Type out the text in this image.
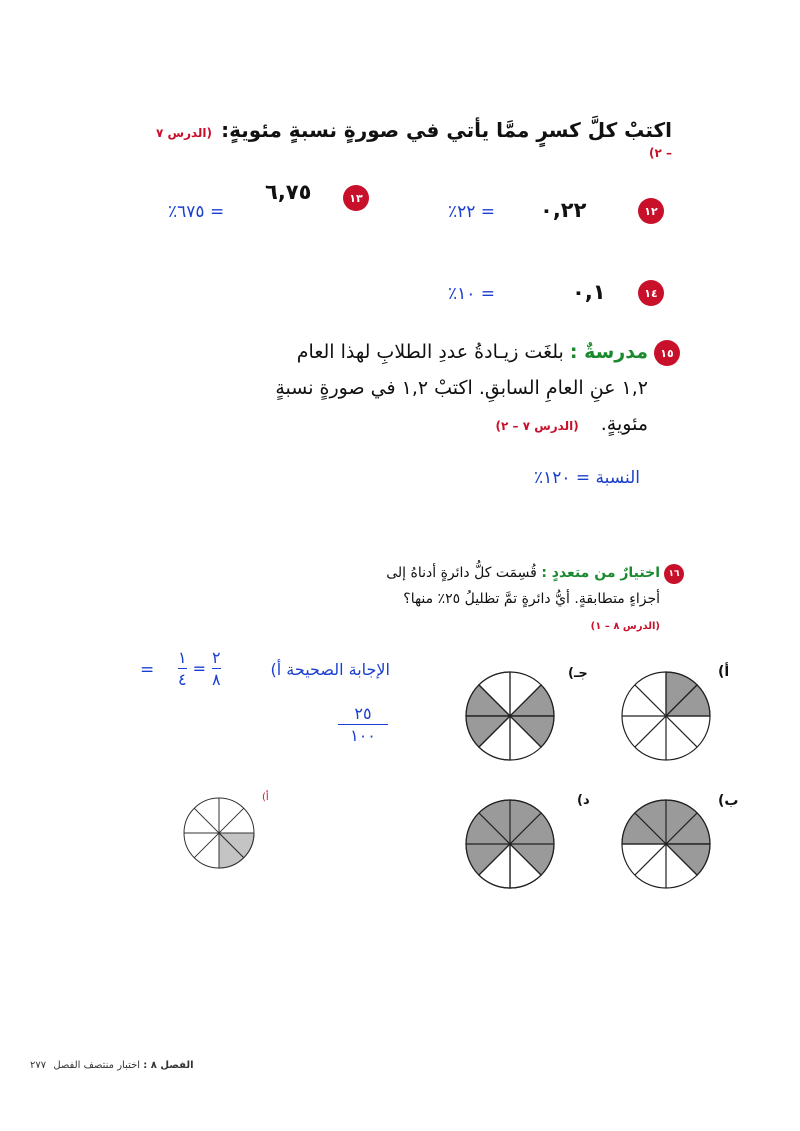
اكتبْ كلَّ كسرٍ ممَّا يأتي في صورةٍ نسبةٍ مئويةٍ: (الدرس ٧ – ٢)
١٢
٠,٢٢
= ٢٢٪
١٣
٦,٧٥
= ٦٧٥٪
١٤
٠,١
= ١٠٪
١٥
مدرسةٌ : بلغَت زيـادةُ عددِ الطلابِ لهذا العام
١,٢ عنِ العامِ السابقِ. اكتبْ ١,٢ في صورةٍ نسبةٍ
مئويةٍ. (الدرس ٧ – ٢)
النسبة = ١٢٠٪
١٦
اختيارٌ من متعددٍ : قُسِمَت كلُّ دائرةٍ أدناهُ إلى
أجزاءٍ متطابقةٍ. أيُّ دائرةٍ تمَّ تظليلُ ٢٥٪ منها؟
(الدرس ٨ – ١)
أ)
جـ)
ب)
د)
الإجابة الصحيحة أ)
$\frac{١}{٤} = \frac{٢}{٨}$
=
$\frac{٢٥}{١٠٠}$
أ)
الفصل ٨ : اختبار منتصف الفصل ٢٧٧
